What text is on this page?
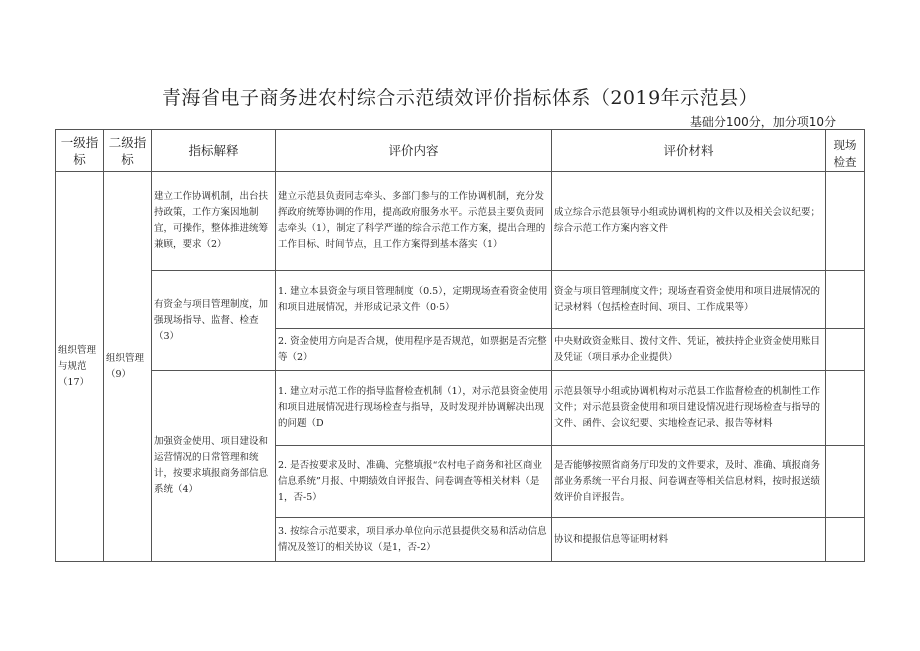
青海省电子商务进农村综合示范绩效评价指标体系（2019年示范县）
基础分100分，加分项10分
一级指标	二级指标	指标解释	评价内容	评价材料	现场检查
组织管理与规范（17）	组织管理（9）	建立工作协调机制，出台扶持政策，工作方案因地制宜，可操作，整体推进统筹兼顾，要求（2）	建立示范县负责同志牵头、多部门参与的工作协调机制，充分发挥政府统筹协调的作用，提高政府服务水平。示范县主要负责同志牵头（1），制定了科学严谨的综合示范工作方案，提出合理的工作目标、时间节点，且工作方案得到基本落实（1）	成立综合示范县领导小组或协调机构的文件以及相关会议纪要；综合示范工作方案内容文件	
		有资金与项目管理制度，加强现场指导、监督、检查（3）	1. 建立本县资金与项目管理制度（0.5），定期现场查看资金使用和项目进展情况，并形成记录文件（0·5）	资金与项目管理制度文件；现场查看资金使用和项目进展情况的记录材料（包括检查时间、项目、工作成果等）	
			2. 资金使用方向是否合规，使用程序是否规范，如票据是否完整等（2）	中央财政资金账目、拨付文件、凭证，被扶持企业资金使用账目及凭证（项目承办企业提供）	
		加强资金使用、项目建设和运营情况的日常管理和统计，按要求填报商务部信息系统（4）	1. 建立对示范工作的指导监督检查机制（1），对示范县资金使用和项目进展情况进行现场检查与指导，及时发现并协调解决出现的问题（D	示范县领导小组或协调机构对示范县工作监督检查的机制性工作文件；对示范县资金使用和项目建设情况进行现场检查与指导的文件、函件、会议纪要、实地检查记录、报告等材料	
			2. 是否按要求及时、准确、完整填报“农村电子商务和社区商业信息系统”月报、中期绩效自评报告、问卷调查等相关材料（是1，否-5）	是否能够按照省商务厅印发的文件要求，及时、准确、填报商务部业务系统一平台月报、问卷调查等相关信息材料，按时报送绩效评价自评报告。	
			3. 按综合示范要求，项目承办单位向示范县提供交易和活动信息情况及签订的相关协议（是1，否-2）	协议和提报信息等证明材料	
